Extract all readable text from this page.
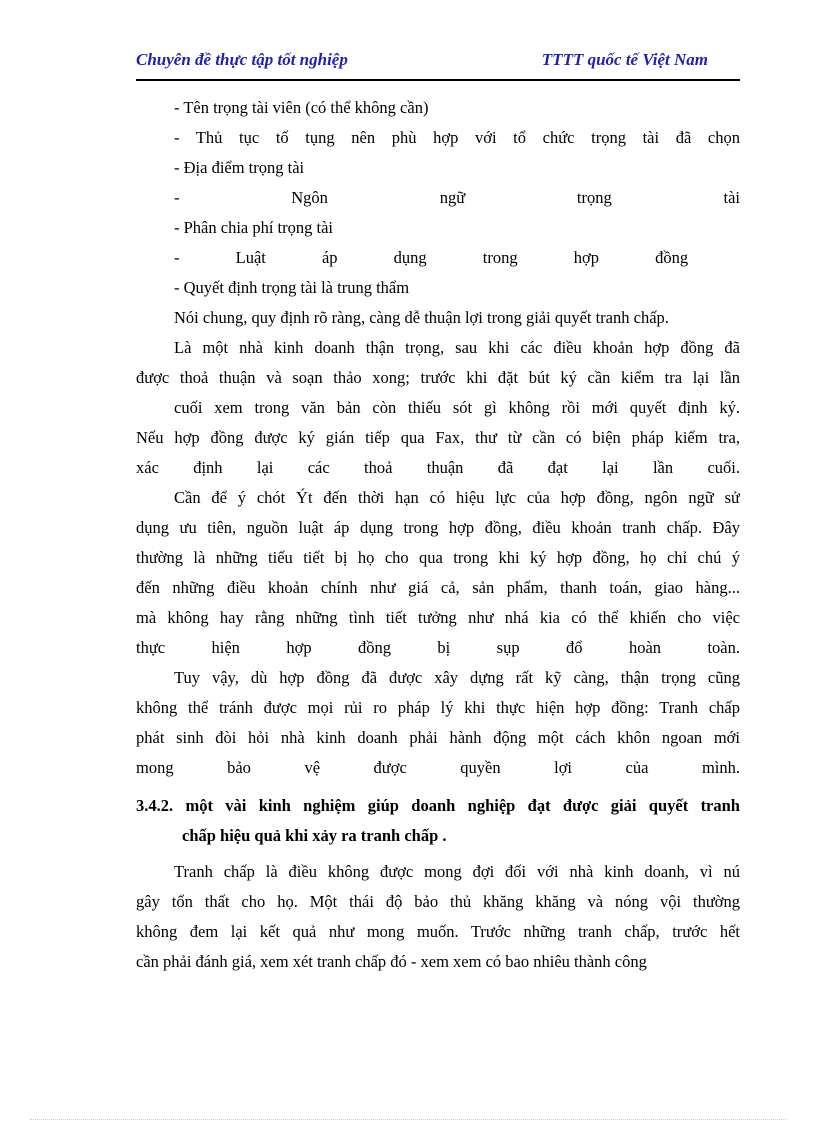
Chuyên đề thực tập tốt nghiệp	TTTT quốc tế Việt Nam
- Tên trọng tài viên (có thể không cần)
- Thủ tục tố tụng nên phù hợp với tổ chức trọng tài đã chọn
- Địa điểm trọng tài
- Ngôn ngữ trọng tài
- Phân chia phí trọng tài
- Luật áp dụng trong hợp đồng
- Quyết định trọng tài là trung thẩm
Nói chung, quy định rõ ràng, càng dễ thuận lợi trong giải quyết tranh chấp.
Là một nhà kinh doanh thận trọng, sau khi các điều khoản hợp đồng đã
được thoả thuận và soạn thảo xong; trước khi đặt bút ký cần kiểm tra lại lần
cuối xem trong văn bản còn thiếu sót gì không rồi mới quyết định ký.
Nếu hợp đồng được ký gián tiếp qua Fax, thư từ cần có biện pháp kiểm tra,
xác định lại các thoả thuận đã đạt lại lần cuối.
Cần để ý chót Ýt đến thời hạn có hiệu lực của hợp đồng, ngôn ngữ sử
dụng ưu tiên, nguồn luật áp dụng trong hợp đồng, điều khoản tranh chấp. Đây
thường là những tiểu tiết bị họ cho qua trong khi ký hợp đồng, họ chỉ chú ý
đến những điều khoản chính như giá cả, sản phẩm, thanh toán, giao hàng...
mà không hay rằng những tình tiết tưởng như nhá kia có thể khiến cho việc
thực hiện hợp đồng bị sụp đổ hoàn toàn.
Tuy vậy, dù hợp đồng đã được xây dựng rất kỹ càng, thận trọng cũng
không thể tránh được mọi rủi ro pháp lý khi thực hiện hợp đồng: Tranh chấp
phát sinh đòi hỏi nhà kinh doanh phải hành động một cách khôn ngoan mới
mong bảo vệ được quyền lợi của mình.
3.4.2. một vài kinh nghiệm giúp doanh nghiệp đạt được giải quyết tranh
chấp hiệu quả khi xảy ra tranh chấp .
Tranh chấp là điều không được mong đợi đối với nhà kinh doanh, vì nú
gây tổn thất cho họ. Một thái độ bảo thủ khăng khăng và nóng vội thường
không đem lại kết quả như mong muốn. Trước những tranh chấp, trước hết
cần phải đánh giá, xem xét tranh chấp đó - xem xem có bao nhiêu thành công
